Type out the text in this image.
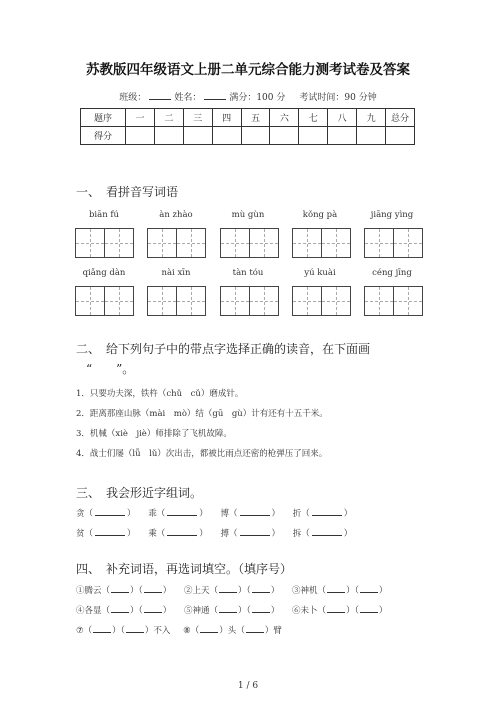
苏教版四年级语文上册二单元综合能力测考试卷及答案
班级：	姓名：	满分：100 分 考试时间：90 分钟
题序	一	二	三	四	五	六	七	八	九	总分
得分										
一、 看拼音写词语
biān fú	àn zhào	mù gùn	kǒng pà	jiāng yìng
qiǎng dàn	nài xīn	tàn tóu	yú kuài	céng jīng
二、 给下列句子中的带点字选择正确的读音，在下面画
“　　”。
1．只要功夫深，铁杵（chǔ　cǔ）磨成针。
2．距离那座山脉（mài　mò）结（gū　gù）计有还有十五千米。
3．机械（xiè　jiè）师排除了飞机故障。
4．战士们屡（lǚ　lǔ）次出击，都被比雨点还密的枪弹压了回来。
三、 我会形近字组词。
贪（	） 乖（	） 博（	） 折（	）
贫（	） 乘（	） 搏（	） 拆（	）
四、 补充词语，再选词填空。（填序号）
①腾云（ ）（ ） ②上天（ ）（ ） ③神机（ ）（ ）
④各显（ ）（ ） ⑤神通（ ）（ ） ⑥未卜（ ）（ ）
⑦（ ）（ ）不入 ⑧（ ）头（ ）臂
1 / 6
